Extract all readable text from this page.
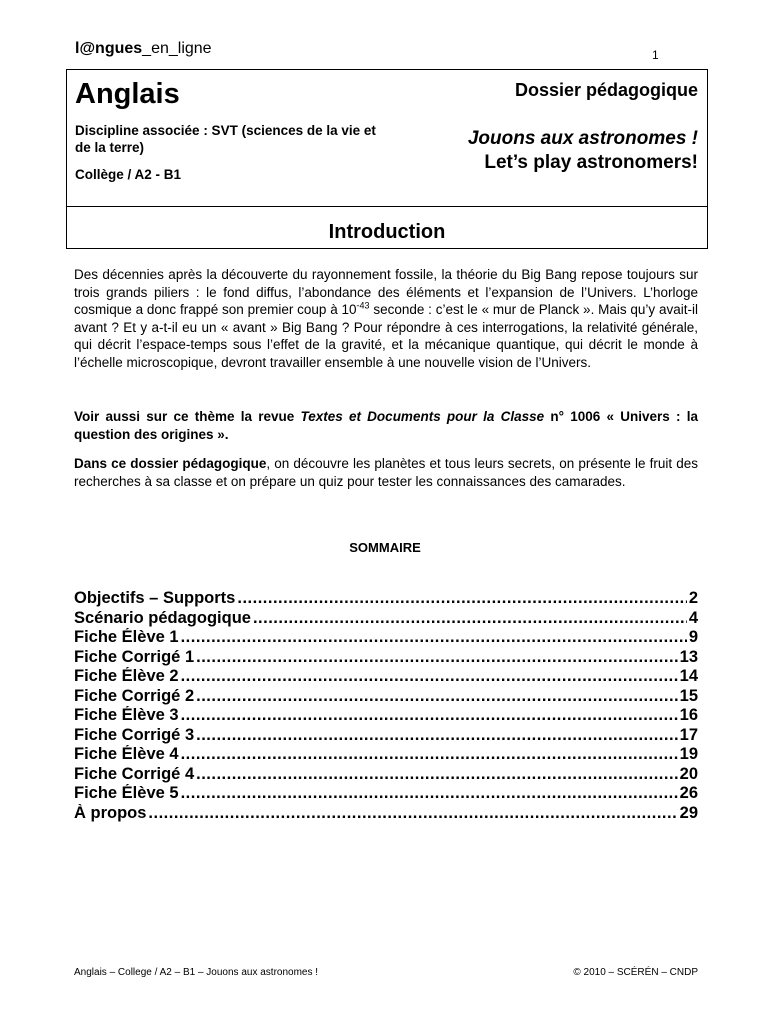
l@ngues_en_ligne	1
Anglais	Dossier pédagogique
Discipline associée : SVT (sciences de la vie et de la terre)
Collège / A2 - B1
Jouons aux astronomes !
Let’s play astronomers!
Introduction
Des décennies après la découverte du rayonnement fossile, la théorie du Big Bang repose toujours sur trois grands piliers : le fond diffus, l’abondance des éléments et l’expansion de l’Univers. L’horloge cosmique a donc frappé son premier coup à $10^{-43}$ seconde : c’est le « mur de Planck ». Mais qu’y avait-il avant ? Et y a-t-il eu un « avant » Big Bang ? Pour répondre à ces interrogations, la relativité générale, qui décrit l’espace-temps sous l’effet de la gravité, et la mécanique quantique, qui décrit le monde à l’échelle microscopique, devront travailler ensemble à une nouvelle vision de l’Univers.
Voir aussi sur ce thème la revue Textes et Documents pour la Classe n° 1006 « Univers : la question des origines ».
Dans ce dossier pédagogique, on découvre les planètes et tous leurs secrets, on présente le fruit des recherches à sa classe et on prépare un quiz pour tester les connaissances des camarades.
SOMMAIRE
Objectifs – Supports .....	2
Scénario pédagogique .....	4
Fiche Élève 1 .....	9
Fiche Corrigé 1 .....	13
Fiche Élève 2 .....	14
Fiche Corrigé 2 .....	15
Fiche Élève 3 .....	16
Fiche Corrigé 3 .....	17
Fiche Élève 4 .....	19
Fiche Corrigé 4 .....	20
Fiche Élève 5 .....	26
À propos .....	29
Anglais – College / A2 – B1 – Jouons aux astronomes !	© 2010 – SCÉRÉN – CNDP
